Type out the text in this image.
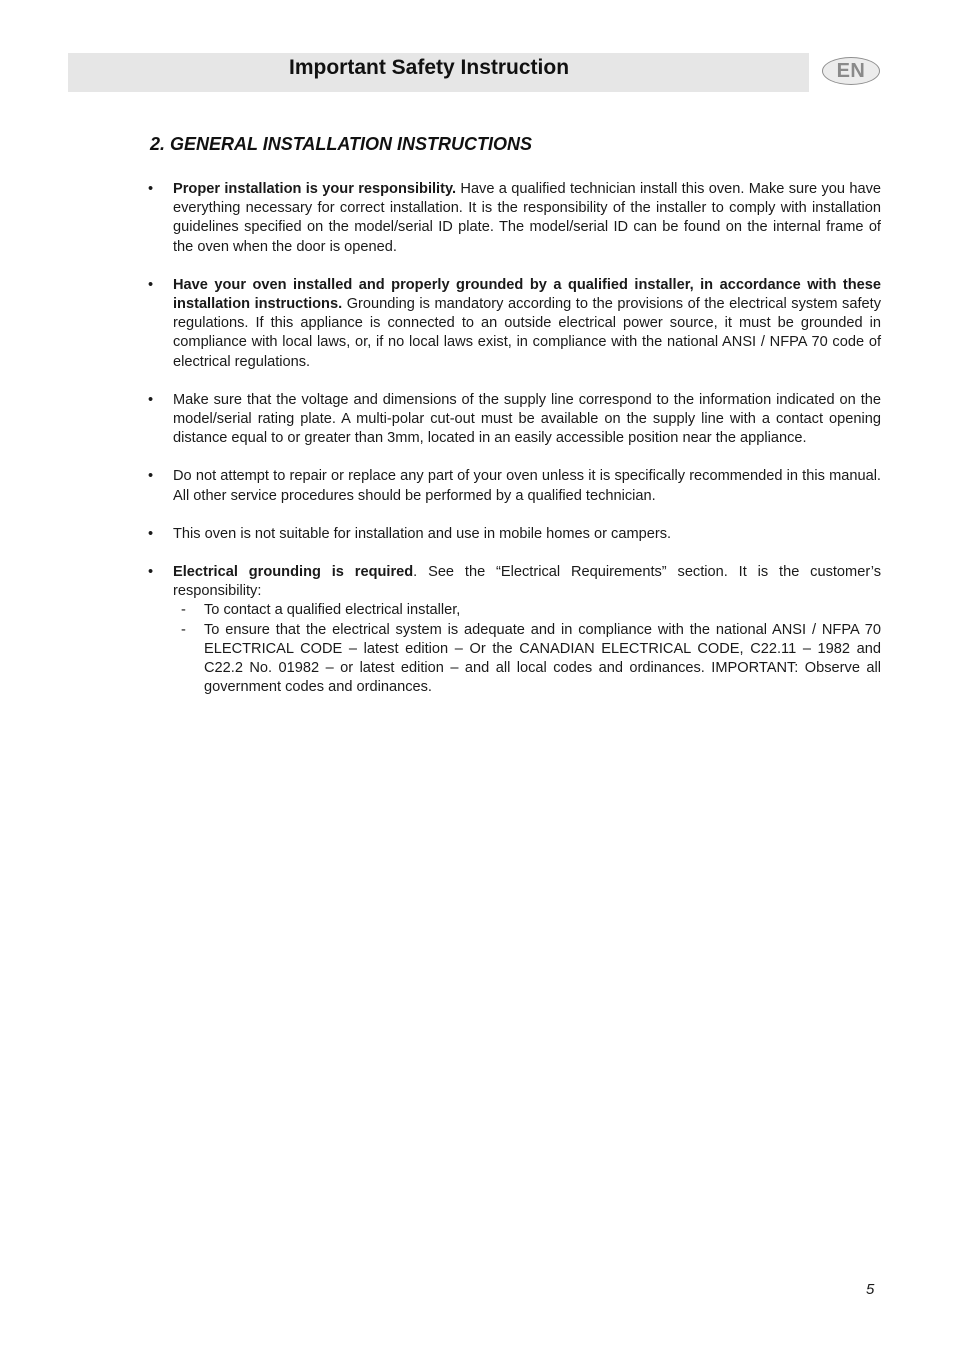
Important Safety Instruction	EN
2. GENERAL INSTALLATION INSTRUCTIONS
• Proper installation is your responsibility. Have a qualified technician install this oven. Make sure you have everything necessary for correct installation. It is the responsibility of the installer to comply with installation guidelines specified on the model/serial ID plate. The model/serial ID can be found on the internal frame of the oven when the door is opened.
• Have your oven installed and properly grounded by a qualified installer, in accordance with these installation instructions. Grounding is mandatory according to the provisions of the electrical system safety regulations. If this appliance is connected to an outside electrical power source, it must be grounded in compliance with local laws, or, if no local laws exist, in compliance with the national ANSI / NFPA 70 code of electrical regulations.
• Make sure that the voltage and dimensions of the supply line correspond to the information indicated on the model/serial rating plate. A multi-polar cut-out must be available on the supply line with a contact opening distance equal to or greater than 3mm, located in an easily accessible position near the appliance.
• Do not attempt to repair or replace any part of your oven unless it is specifically recommended in this manual. All other service procedures should be performed by a qualified technician.
• This oven is not suitable for installation and use in mobile homes or campers.
• Electrical grounding is required. See the “Electrical Requirements” section. It is the customer’s responsibility:
- To contact a qualified electrical installer,
- To ensure that the electrical system is adequate and in compliance with the national ANSI / NFPA 70 ELECTRICAL CODE – latest edition – Or the CANADIAN ELECTRICAL CODE, C22.11 – 1982 and C22.2 No. 01982 – or latest edition – and all local codes and ordinances. IMPORTANT: Observe all government codes and ordinances.
5
